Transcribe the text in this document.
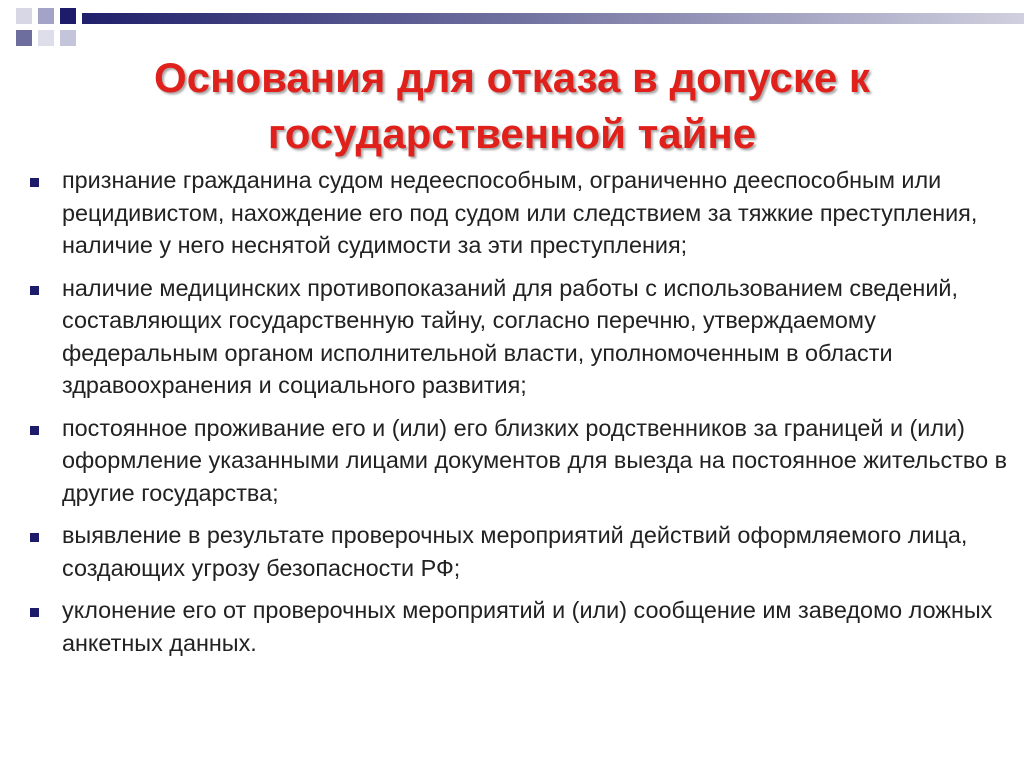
Основания для отказа в допуске к государственной тайне
признание гражданина судом недееспособным, ограниченно дееспособным или рецидивистом, нахождение его под судом или следствием за тяжкие преступления, наличие у него неснятой судимости за эти преступления;
наличие медицинских противопоказаний для работы с использованием сведений, составляющих государственную тайну, согласно перечню, утверждаемому федеральным органом исполнительной власти, уполномоченным в области здравоохранения и социального развития;
постоянное проживание его и (или) его близких родственников за границей и (или) оформление указанными лицами документов для выезда на постоянное жительство в другие государства;
выявление в результате проверочных мероприятий действий оформляемого лица, создающих угрозу безопасности РФ;
уклонение его от проверочных мероприятий и (или) сообщение им заведомо ложных анкетных данных.
